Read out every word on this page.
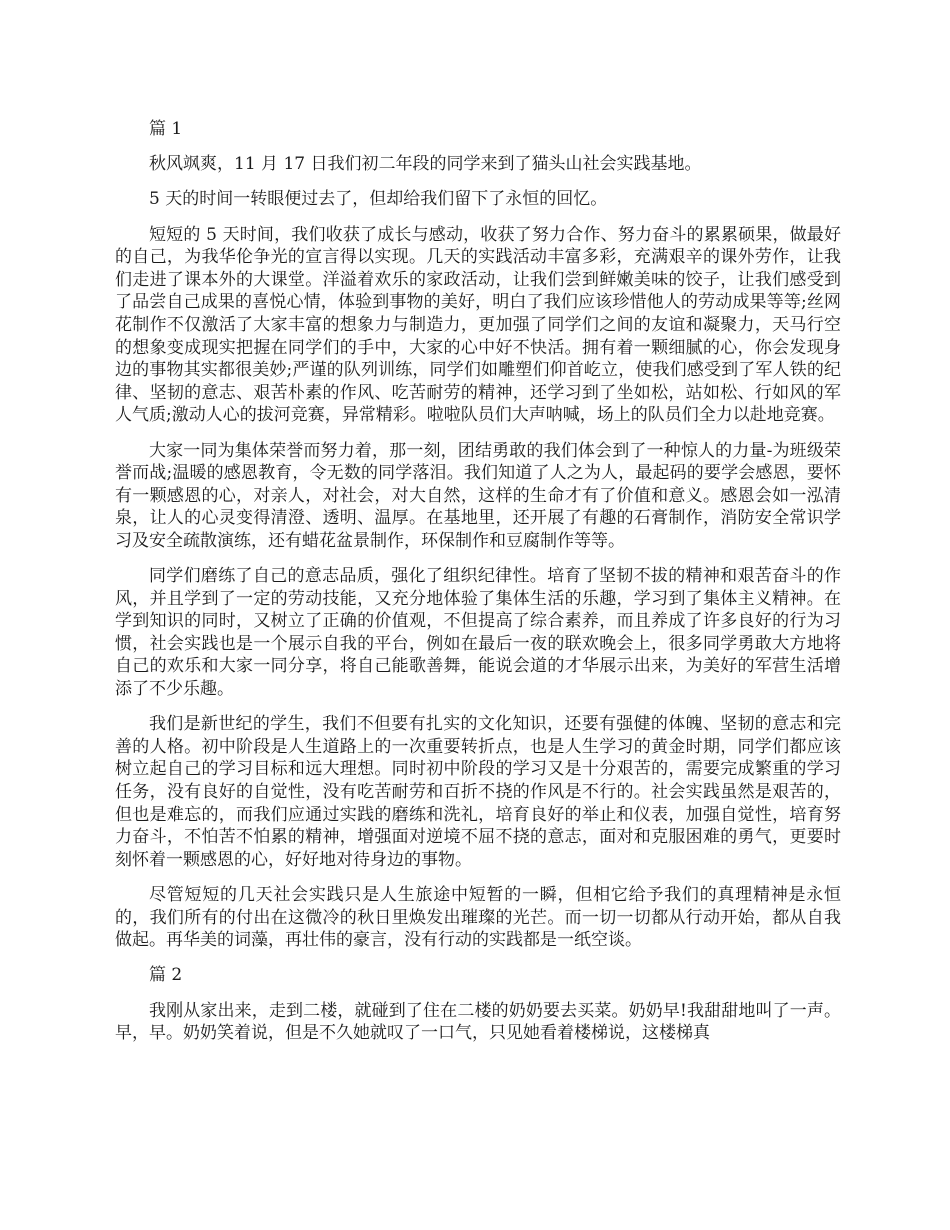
篇 1

秋风飒爽，11 月 17 日我们初二年段的同学来到了猫头山社会实践基地。

5 天的时间一转眼便过去了，但却给我们留下了永恒的回忆。

短短的 5 天时间，我们收获了成长与感动，收获了努力合作、努力奋斗的累累硕果，做最好的自己，为我华伦争光的宣言得以实现。几天的实践活动丰富多彩，充满艰辛的课外劳作，让我们走进了课本外的大课堂。洋溢着欢乐的家政活动，让我们尝到鲜嫩美味的饺子，让我们感受到了品尝自己成果的喜悦心情，体验到事物的美好，明白了我们应该珍惜他人的劳动成果等等;丝网花制作不仅激活了大家丰富的想象力与制造力，更加强了同学们之间的友谊和凝聚力，天马行空的想象变成现实把握在同学们的手中，大家的心中好不快活。拥有着一颗细腻的心，你会发现身边的事物其实都很美妙;严谨的队列训练，同学们如雕塑们仰首屹立，使我们感受到了军人铁的纪律、坚韧的意志、艰苦朴素的作风、吃苦耐劳的精神，还学习到了坐如松，站如松、行如风的军人气质;激动人心的拔河竞赛，异常精彩。啦啦队员们大声呐喊，场上的队员们全力以赴地竞赛。

大家一同为集体荣誉而努力着，那一刻，团结勇敢的我们体会到了一种惊人的力量-为班级荣誉而战;温暖的感恩教育，令无数的同学落泪。我们知道了人之为人，最起码的要学会感恩，要怀有一颗感恩的心，对亲人，对社会，对大自然，这样的生命才有了价值和意义。感恩会如一泓清泉，让人的心灵变得清澄、透明、温厚。在基地里，还开展了有趣的石膏制作，消防安全常识学习及安全疏散演练，还有蜡花盆景制作，环保制作和豆腐制作等等。

同学们磨练了自己的意志品质，强化了组织纪律性。培育了坚韧不拔的精神和艰苦奋斗的作风，并且学到了一定的劳动技能，又充分地体验了集体生活的乐趣，学习到了集体主义精神。在学到知识的同时，又树立了正确的价值观，不但提高了综合素养，而且养成了许多良好的行为习惯，社会实践也是一个展示自我的平台，例如在最后一夜的联欢晚会上，很多同学勇敢大方地将自己的欢乐和大家一同分享，将自己能歌善舞，能说会道的才华展示出来，为美好的军营生活增添了不少乐趣。

我们是新世纪的学生，我们不但要有扎实的文化知识，还要有强健的体魄、坚韧的意志和完善的人格。初中阶段是人生道路上的一次重要转折点，也是人生学习的黄金时期，同学们都应该树立起自己的学习目标和远大理想。同时初中阶段的学习又是十分艰苦的，需要完成繁重的学习任务，没有良好的自觉性，没有吃苦耐劳和百折不挠的作风是不行的。社会实践虽然是艰苦的，但也是难忘的，而我们应通过实践的磨练和洗礼，培育良好的举止和仪表，加强自觉性，培育努力奋斗，不怕苦不怕累的精神，增强面对逆境不屈不挠的意志，面对和克服困难的勇气，更要时刻怀着一颗感恩的心，好好地对待身边的事物。

尽管短短的几天社会实践只是人生旅途中短暂的一瞬，但相它给予我们的真理精神是永恒的，我们所有的付出在这微冷的秋日里焕发出璀璨的光芒。而一切一切都从行动开始，都从自我做起。再华美的词藻，再壮伟的豪言，没有行动的实践都是一纸空谈。

篇 2

我刚从家出来，走到二楼，就碰到了住在二楼的奶奶要去买菜。奶奶早!我甜甜地叫了一声。早，早。奶奶笑着说，但是不久她就叹了一口气，只见她看着楼梯说，这楼梯真
